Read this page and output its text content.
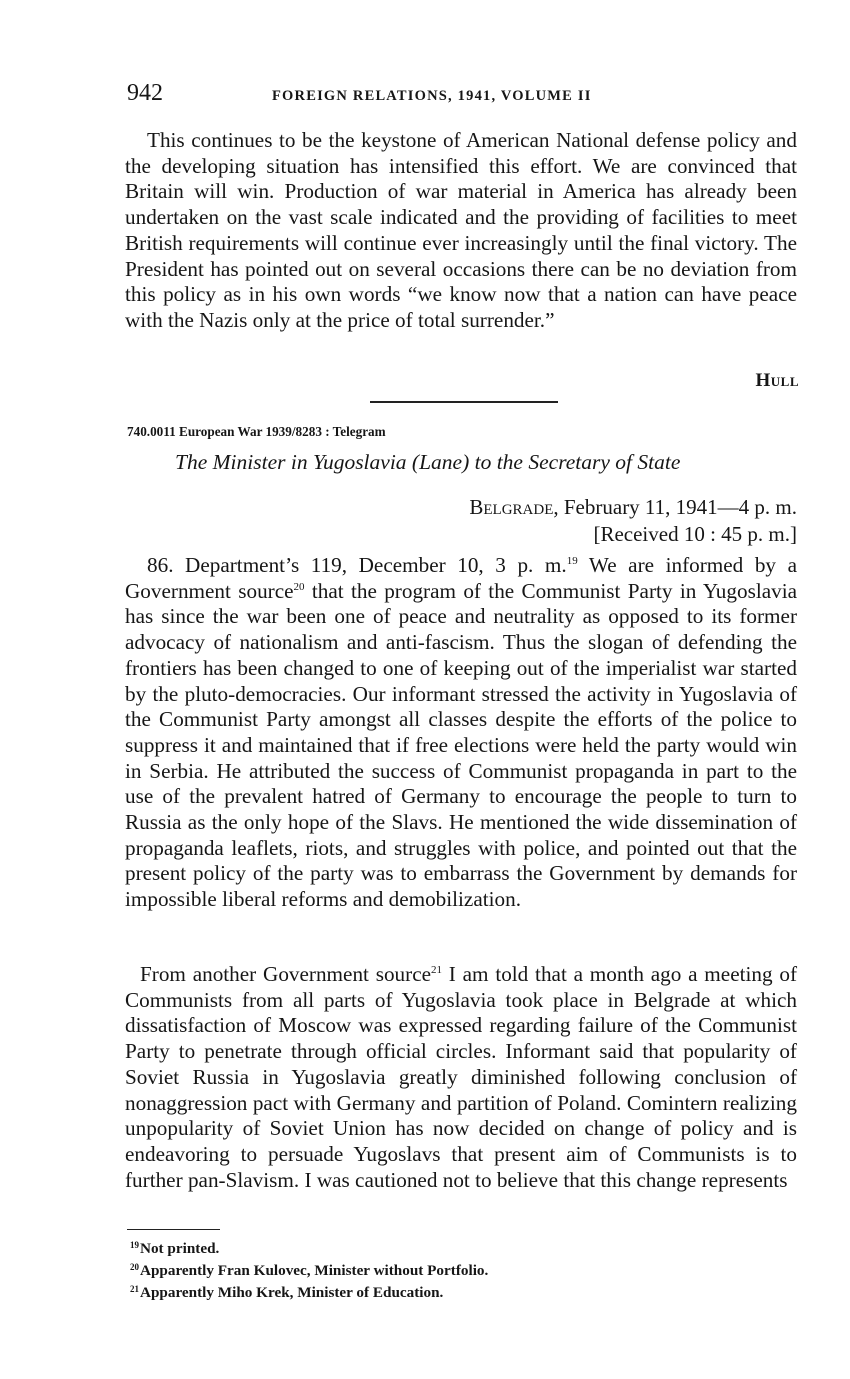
942	FOREIGN RELATIONS, 1941, VOLUME II

This continues to be the keystone of American National defense policy and the developing situation has intensified this effort. We are convinced that Britain will win. Production of war material in America has already been undertaken on the vast scale indicated and the providing of facilities to meet British requirements will continue ever increasingly until the final victory. The President has pointed out on several occasions there can be no deviation from this policy as in his own words “we know now that a nation can have peace with the Nazis only at the price of total surrender.”

Hull
740.0011 European War 1939/8283 : Telegram
The Minister in Yugoslavia (Lane) to the Secretary of State
Belgrade, February 11, 1941—4 p. m.
[Received 10 : 45 p. m.]

86. Department’s 119, December 10, 3 p. m.$^{19}$ We are informed by a Government source$^{20}$ that the program of the Communist Party in Yugoslavia has since the war been one of peace and neutrality as opposed to its former advocacy of nationalism and anti-fascism. Thus the slogan of defending the frontiers has been changed to one of keeping out of the imperialist war started by the pluto-democracies. Our informant stressed the activity in Yugoslavia of the Communist Party amongst all classes despite the efforts of the police to suppress it and maintained that if free elections were held the party would win in Serbia. He attributed the success of Communist propaganda in part to the use of the prevalent hatred of Germany to encourage the people to turn to Russia as the only hope of the Slavs. He mentioned the wide dissemination of propaganda leaflets, riots, and struggles with police, and pointed out that the present policy of the party was to embarrass the Government by demands for impossible liberal reforms and demobilization.

From another Government source$^{21}$ I am told that a month ago a meeting of Communists from all parts of Yugoslavia took place in Belgrade at which dissatisfaction of Moscow was expressed regarding failure of the Communist Party to penetrate through official circles. Informant said that popularity of Soviet Russia in Yugoslavia greatly diminished following conclusion of nonaggression pact with Germany and partition of Poland. Comintern realizing unpopularity of Soviet Union has now decided on change of policy and is endeavoring to persuade Yugoslavs that present aim of Communists is to further pan-Slavism. I was cautioned not to believe that this change represents

$^{19}$Not printed.
$^{20}$Apparently Fran Kulovec, Minister without Portfolio.
$^{21}$Apparently Miho Krek, Minister of Education.
